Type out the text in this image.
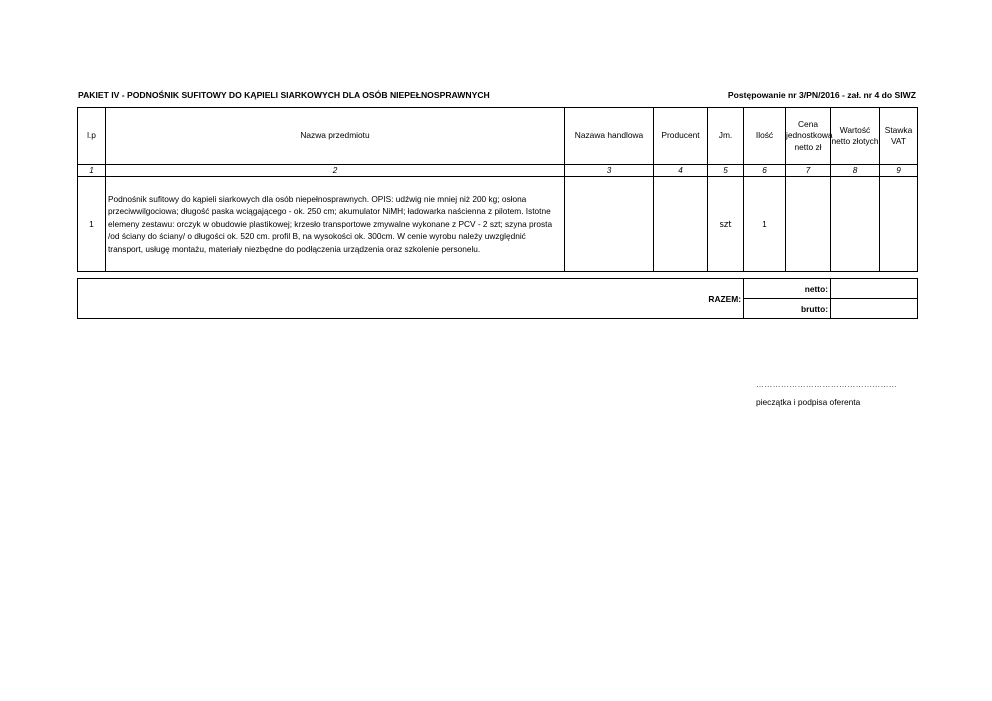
PAKIET IV - PODNOŚNIK SUFITOWY DO KĄPIELI SIARKOWYCH DLA OSÓB NIEPEŁNOSPRAWNYCH	Postępowanie nr 3/PN/2016 - zał. nr 4 do SIWZ
l.p	Nazwa przedmiotu	Nazawa handlowa	Producent	Jm.	Ilość	Cena jednostkowa netto zł	Wartość netto złotych	Stawka VAT
1	2	3	4	5	6	7	8	9
1	Podnośnik sufitowy do kąpieli siarkowych dla osób niepełnosprawnych. OPIS: udźwig nie mniej niż 200 kg; osłona przeciwwilgociowa; długość paska wciągającego - ok. 250 cm; akumulator NiMH; ładowarka naścienna z pilotem. Istotne elemeny zestawu: orczyk w obudowie plastikowej; krzesło transportowe zmywalne wykonane z PCV - 2 szt; szyna prosta /od ściany do ściany/ o długości ok. 520 cm. profil B, na wysokości ok. 300cm. W cenie wyrobu należy uwzględnić transport, usługę montażu, materiały niezbędne do podłączenia urządzenia oraz szkolenie personelu.			szt	1			
RAZEM:	netto:	
	brutto:	
……………………………………………
pieczątka i podpisa oferenta
